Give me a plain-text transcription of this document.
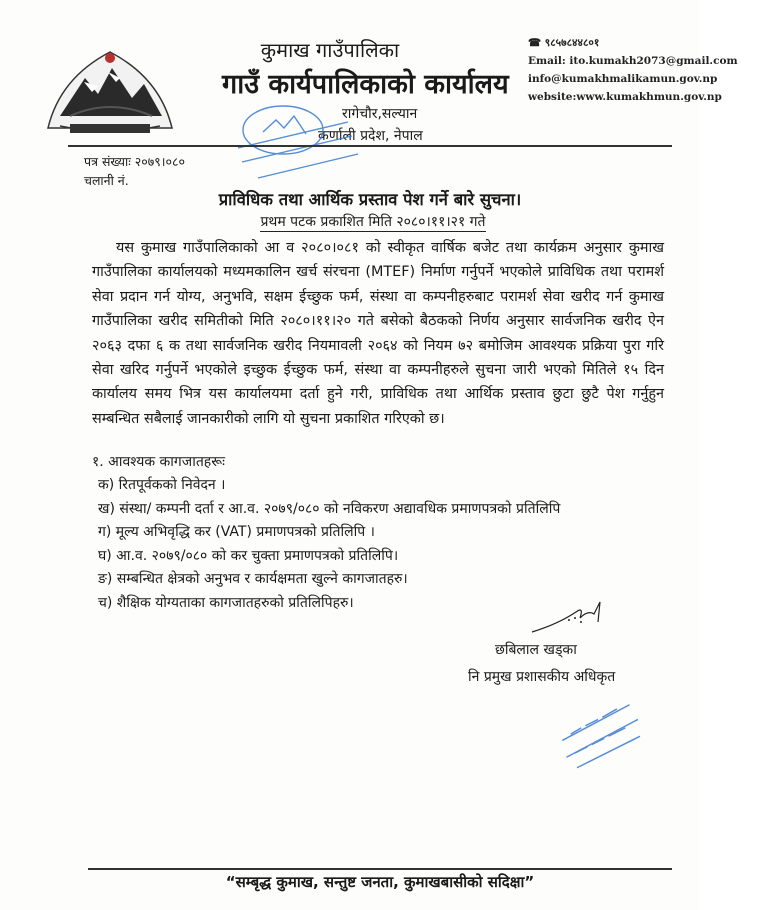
कुमाख गाउँपालिका
गाउँ कार्यपालिकाको कार्यालय
रागेचौर,सल्यान
कर्णाली प्रदेश, नेपाल
☎ ९८५७८४४८०१
Email: ito.kumakh2073@gmail.com
info@kumakhmalikamun.gov.np
website:www.kumakhmun.gov.np
पत्र संख्याः २०७९।०८०
चलानी नं.
प्राविधिक तथा आर्थिक प्रस्ताव पेश गर्ने बारे सुचना।
प्रथम पटक प्रकाशित मिति २०८०।११।२१ गते
यस कुमाख गाउँपालिकाको आ व २०८०।०८१ को स्वीकृत वार्षिक बजेट तथा कार्यक्रम अनुसार कुमाख गाउँपालिका कार्यालयको मध्यमकालिन खर्च संरचना (MTEF) निर्माण गर्नुपर्ने भएकोले प्राविधिक तथा परामर्श सेवा प्रदान गर्न योग्य, अनुभवि, सक्षम ईच्छुक फर्म, संस्था वा कम्पनीहरुबाट परामर्श सेवा खरीद गर्न कुमाख गाउँपालिका खरीद समितीको मिति २०८०।११।२० गते बसेको बैठकको निर्णय अनुसार सार्वजनिक खरीद ऐन २०६३ दफा ६ क तथा सार्वजनिक खरीद नियमावली २०६४ को नियम ७२ बमोजिम आवश्यक प्रक्रिया पुरा गरि सेवा खरिद गर्नुपर्ने भएकोले इच्छुक ईच्छुक फर्म, संस्था वा कम्पनीहरुले सुचना जारी भएको मितिले १५ दिन कार्यालय समय भित्र यस कार्यालयमा दर्ता हुने गरी, प्राविधिक तथा आर्थिक प्रस्ताव छुटा छुटै पेश गर्नुहुन सम्बन्धित सबैलाई जानकारीको लागि यो सुचना प्रकाशित गरिएको छ।
१. आवश्यक कागजातहरूः
क) रितपूर्वकको निवेदन ।
ख) संस्था/ कम्पनी दर्ता र आ.व. २०७९/०८० को नविकरण अद्यावधिक प्रमाणपत्रको प्रतिलिपि
ग) मूल्य अभिवृद्धि कर (VAT) प्रमाणपत्रको प्रतिलिपि ।
घ) आ.व. २०७९/०८० को कर चुक्ता प्रमाणपत्रको प्रतिलिपि।
ङ) सम्बन्धित क्षेत्रको अनुभव र कार्यक्षमता खुल्ने कागजातहरु।
च) शैक्षिक योग्यताका कागजातहरुको प्रतिलिपिहरु।
छबिलाल खड्का
नि प्रमुख प्रशासकीय अधिकृत
“सम्बृद्ध कुमाख, सन्तुष्ट जनता, कुमाखबासीको सदिक्षा”
